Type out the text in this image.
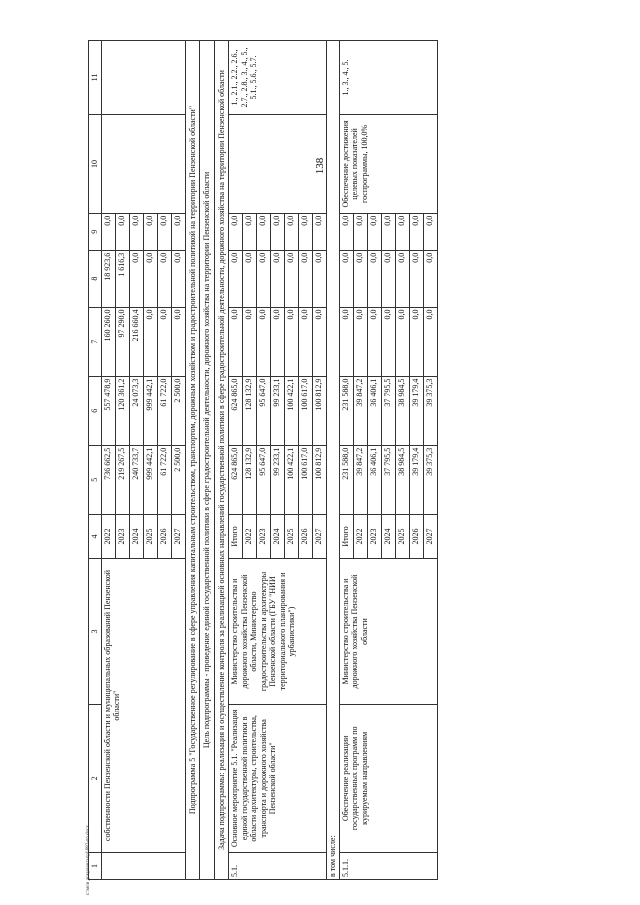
138
1	2	3	4	5	6	7	8	9	10	11
	собственности Пензенской области и муниципальных образований Пензенской области"		2022	736 662,5	557 478,9	160 260,0	18 923,6	0,0		
			2023	219 267,5	120 361,2	97 290,0	1 616,3	0,0		
			2024	240 733,7	24 073,3	216 660,4	0,0	0,0		
			2025	999 442,1	999 442,1	0,0	0,0	0,0		
			2026	61 722,0	61 722,0	0,0	0,0	0,0		
			2027	2 500,0	2 500,0	0,0	0,0	0,0		
Подпрограмма 5 "Государственное регулирование в сфере управления капитальным строительством, транспортом, дорожным хозяйством и градостроительной политикой на территории Пензенской области"										
Цель подпрограммы - проведение единой государственной политики в сфере градостроительной деятельности, дорожного хозяйства на территории Пензенской области										
Задача подпрограммы: реализация и осуществление контроля за реализацией основных направлений государственной политики в сфере градостроительной деятельности, дорожного хозяйства на территории Пензенской области										
5.1.	Основное мероприятие 5.1. "Реализация единой государственной политики в области архитектуры, строительства, транспорта и дорожного хозяйства Пензенской области"	Министерство строительства и дорожного хозяйства Пензенской области, Министерство градостроительства и архитектуры Пензенской области (ГБУ "НИИ территориального планирования и урбанистики")	Итого	624 865,0	624 865,0	0,0	0,0	0,0		1., 2.1., 2.2., 2.6., 2.7., 2.8., 3., 4., 5., 5.1., 5.6., 5.7.
			2022	128 132,9	128 132,9	0,0	0,0	0,0		
			2023	95 647,0	95 647,0	0,0	0,0	0,0		
			2024	99 233,1	99 233,1	0,0	0,0	0,0		
			2025	100 422,1	100 422,1	0,0	0,0	0,0		
			2026	100 617,0	100 617,0	0,0	0,0	0,0		
			2027	100 812,9	100 812,9	0,0	0,0	0,0		
в том числе:										
5.1.1.	Обеспечение реализации государственных программ по курируемым направлениям	Министерство строительства и дорожного хозяйства Пензенской области	Итого	231 588,0	231 588,0	0,0	0,0	0,0	Обеспечение достижения целевых показателей госпрограммы, 100,0%	1., 3., 4., 5.
			2022	39 847,2	39 847,2	0,0	0,0	0,0		
			2023	36 406,1	36 406,1	0,0	0,0	0,0		
			2024	37 795,5	37 795,5	0,0	0,0	0,0		
			2025	38 984,5	38 984,5	0,0	0,0	0,0		
			2026	39 179,4	39 179,4	0,0	0,0	0,0		
			2027	39 375,3	39 375,3	0,0	0,0	0,0		
c:\мои документы\pl\682-nn.docx
